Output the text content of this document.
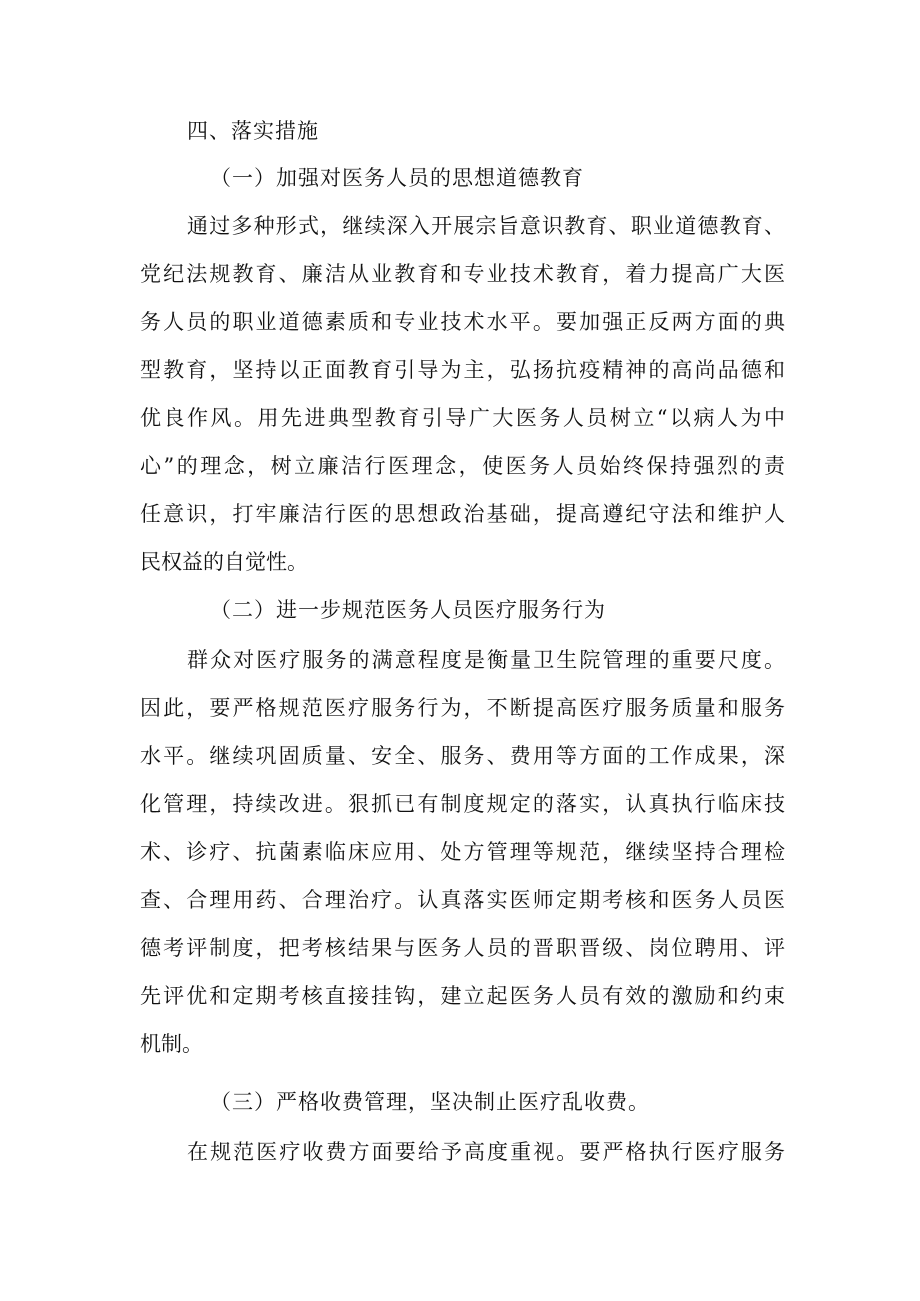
四、落实措施
（一）加强对医务人员的思想道德教育
通过多种形式，继续深入开展宗旨意识教育、职业道德教育、
党纪法规教育、廉洁从业教育和专业技术教育，着力提高广大医
务人员的职业道德素质和专业技术水平。要加强正反两方面的典
型教育，坚持以正面教育引导为主，弘扬抗疫精神的高尚品德和
优良作风。用先进典型教育引导广大医务人员树立“以病人为中
心”的理念，树立廉洁行医理念，使医务人员始终保持强烈的责
任意识，打牢廉洁行医的思想政治基础，提高遵纪守法和维护人
民权益的自觉性。
（二）进一步规范医务人员医疗服务行为
群众对医疗服务的满意程度是衡量卫生院管理的重要尺度。
因此，要严格规范医疗服务行为，不断提高医疗服务质量和服务
水平。继续巩固质量、安全、服务、费用等方面的工作成果，深
化管理，持续改进。狠抓已有制度规定的落实，认真执行临床技
术、诊疗、抗菌素临床应用、处方管理等规范，继续坚持合理检
查、合理用药、合理治疗。认真落实医师定期考核和医务人员医
德考评制度，把考核结果与医务人员的晋职晋级、岗位聘用、评
先评优和定期考核直接挂钩，建立起医务人员有效的激励和约束
机制。
（三）严格收费管理，坚决制止医疗乱收费。
在规范医疗收费方面要给予高度重视。要严格执行医疗服务
